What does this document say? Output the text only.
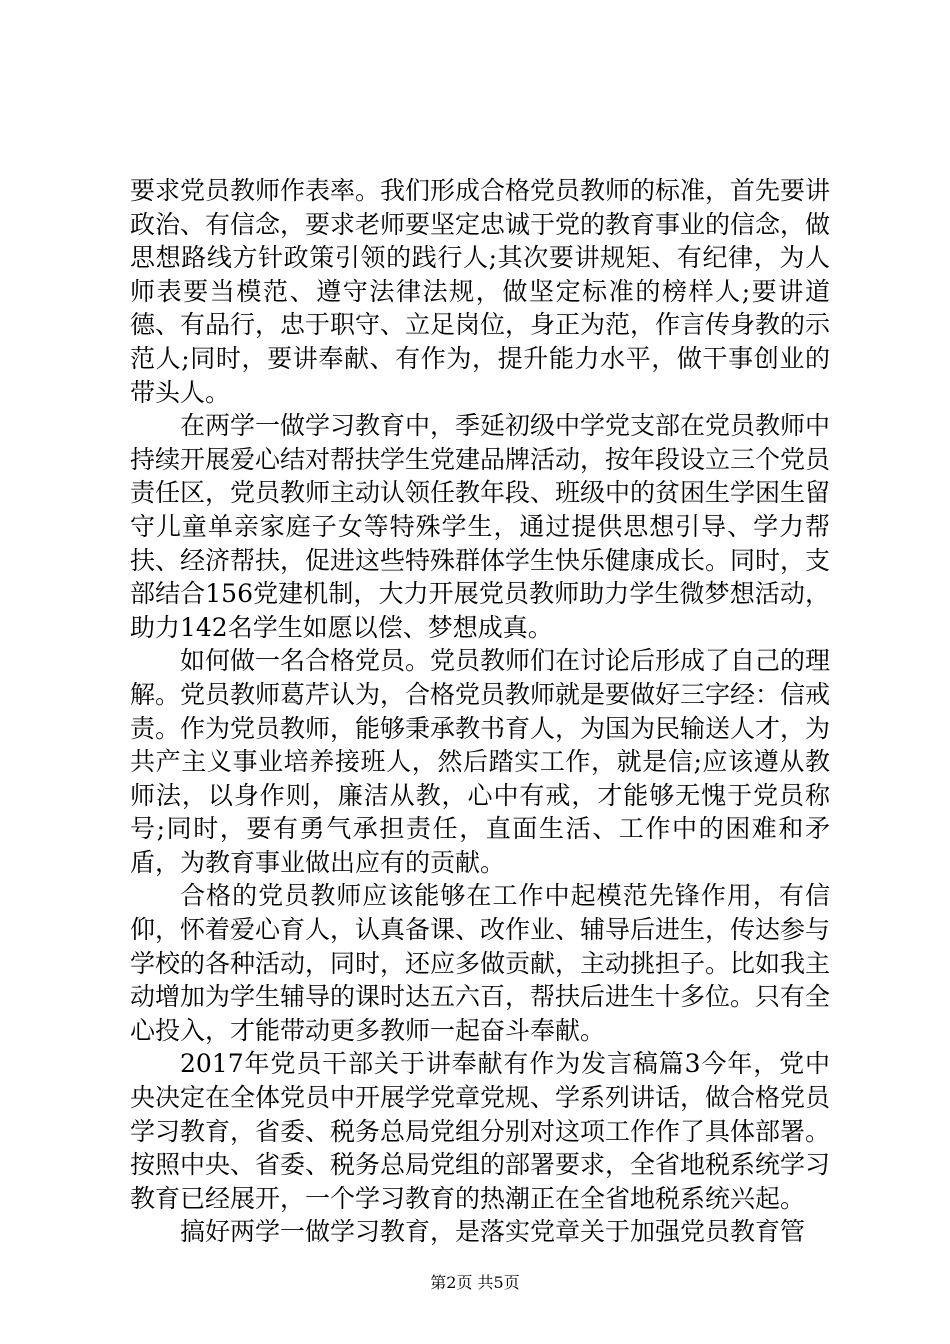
要求党员教师作表率。我们形成合格党员教师的标准，首先要讲政治、有信念，要求老师要坚定忠诚于党的教育事业的信念，做思想路线方针政策引领的践行人;其次要讲规矩、有纪律，为人师表要当模范、遵守法律法规，做坚定标准的榜样人;要讲道德、有品行，忠于职守、立足岗位，身正为范，作言传身教的示范人;同时，要讲奉献、有作为，提升能力水平，做干事创业的带头人。

在两学一做学习教育中，季延初级中学党支部在党员教师中持续开展爱心结对帮扶学生党建品牌活动，按年段设立三个党员责任区，党员教师主动认领任教年段、班级中的贫困生学困生留守儿童单亲家庭子女等特殊学生，通过提供思想引导、学力帮扶、经济帮扶，促进这些特殊群体学生快乐健康成长。同时，支部结合156党建机制，大力开展党员教师助力学生微梦想活动，助力142名学生如愿以偿、梦想成真。

如何做一名合格党员。党员教师们在讨论后形成了自己的理解。党员教师葛芹认为，合格党员教师就是要做好三字经：信戒责。作为党员教师，能够秉承教书育人，为国为民输送人才，为共产主义事业培养接班人，然后踏实工作，就是信;应该遵从教师法，以身作则，廉洁从教，心中有戒，才能够无愧于党员称号;同时，要有勇气承担责任，直面生活、工作中的困难和矛盾，为教育事业做出应有的贡献。

合格的党员教师应该能够在工作中起模范先锋作用，有信仰，怀着爱心育人，认真备课、改作业、辅导后进生，传达参与学校的各种活动，同时，还应多做贡献，主动挑担子。比如我主动增加为学生辅导的课时达五六百，帮扶后进生十多位。只有全心投入，才能带动更多教师一起奋斗奉献。

2017年党员干部关于讲奉献有作为发言稿篇3今年，党中央决定在全体党员中开展学党章党规、学系列讲话，做合格党员学习教育，省委、税务总局党组分别对这项工作作了具体部署。按照中央、省委、税务总局党组的部署要求，全省地税系统学习教育已经展开，一个学习教育的热潮正在全省地税系统兴起。

搞好两学一做学习教育，是落实党章关于加强党员教育管

第2页 共5页
